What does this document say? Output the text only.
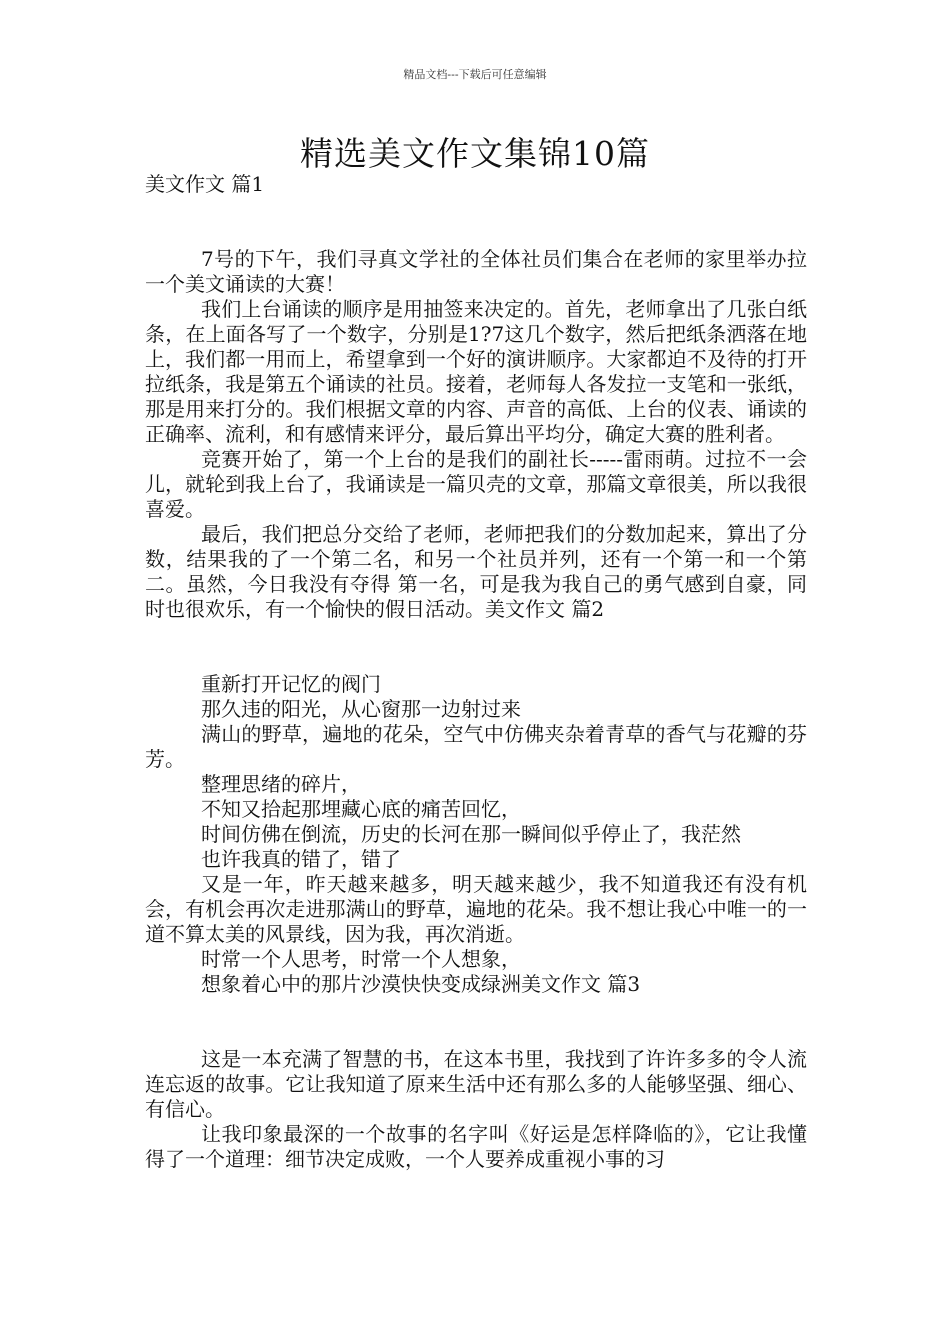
精品文档---下载后可任意编辑
精选美文作文集锦10篇

美文作文 篇1

7号的下午，我们寻真文学社的全体社员们集合在老师的家里举办拉一个美文诵读的大赛！

我们上台诵读的顺序是用抽签来决定的。首先，老师拿出了几张白纸条，在上面各写了一个数字，分别是1?7这几个数字，然后把纸条洒落在地上，我们都一用而上，希望拿到一个好的演讲顺序。大家都迫不及待的打开拉纸条，我是第五个诵读的社员。接着，老师每人各发拉一支笔和一张纸，那是用来打分的。我们根据文章的内容、声音的高低、上台的仪表、诵读的正确率、流利，和有感情来评分，最后算出平均分，确定大赛的胜利者。

竞赛开始了，第一个上台的是我们的副社长-----雷雨萌。过拉不一会儿，就轮到我上台了，我诵读是一篇贝壳的文章，那篇文章很美，所以我很喜爱。

最后，我们把总分交给了老师，老师把我们的分数加起来，算出了分数，结果我的了一个第二名，和另一个社员并列，还有一个第一和一个第二。虽然，今日我没有夺得 第一名，可是我为我自己的勇气感到自豪，同时也很欢乐，有一个愉快的假日活动。美文作文 篇2

重新打开记忆的阀门

那久违的阳光，从心窗那一边射过来

满山的野草，遍地的花朵，空气中仿佛夹杂着青草的香气与花瓣的芬芳。

整理思绪的碎片，

不知又拾起那埋藏心底的痛苦回忆，

时间仿佛在倒流，历史的长河在那一瞬间似乎停止了，我茫然

也许我真的错了，错了

又是一年，昨天越来越多，明天越来越少，我不知道我还有没有机会，有机会再次走进那满山的野草，遍地的花朵。我不想让我心中唯一的一道不算太美的风景线，因为我，再次消逝。

时常一个人思考，时常一个人想象，

想象着心中的那片沙漠快快变成绿洲美文作文 篇3

这是一本充满了智慧的书，在这本书里，我找到了许许多多的令人流连忘返的故事。它让我知道了原来生活中还有那么多的人能够坚强、细心、有信心。

让我印象最深的一个故事的名字叫《好运是怎样降临的》，它让我懂得了一个道理：细节决定成败，一个人要养成重视小事的习
